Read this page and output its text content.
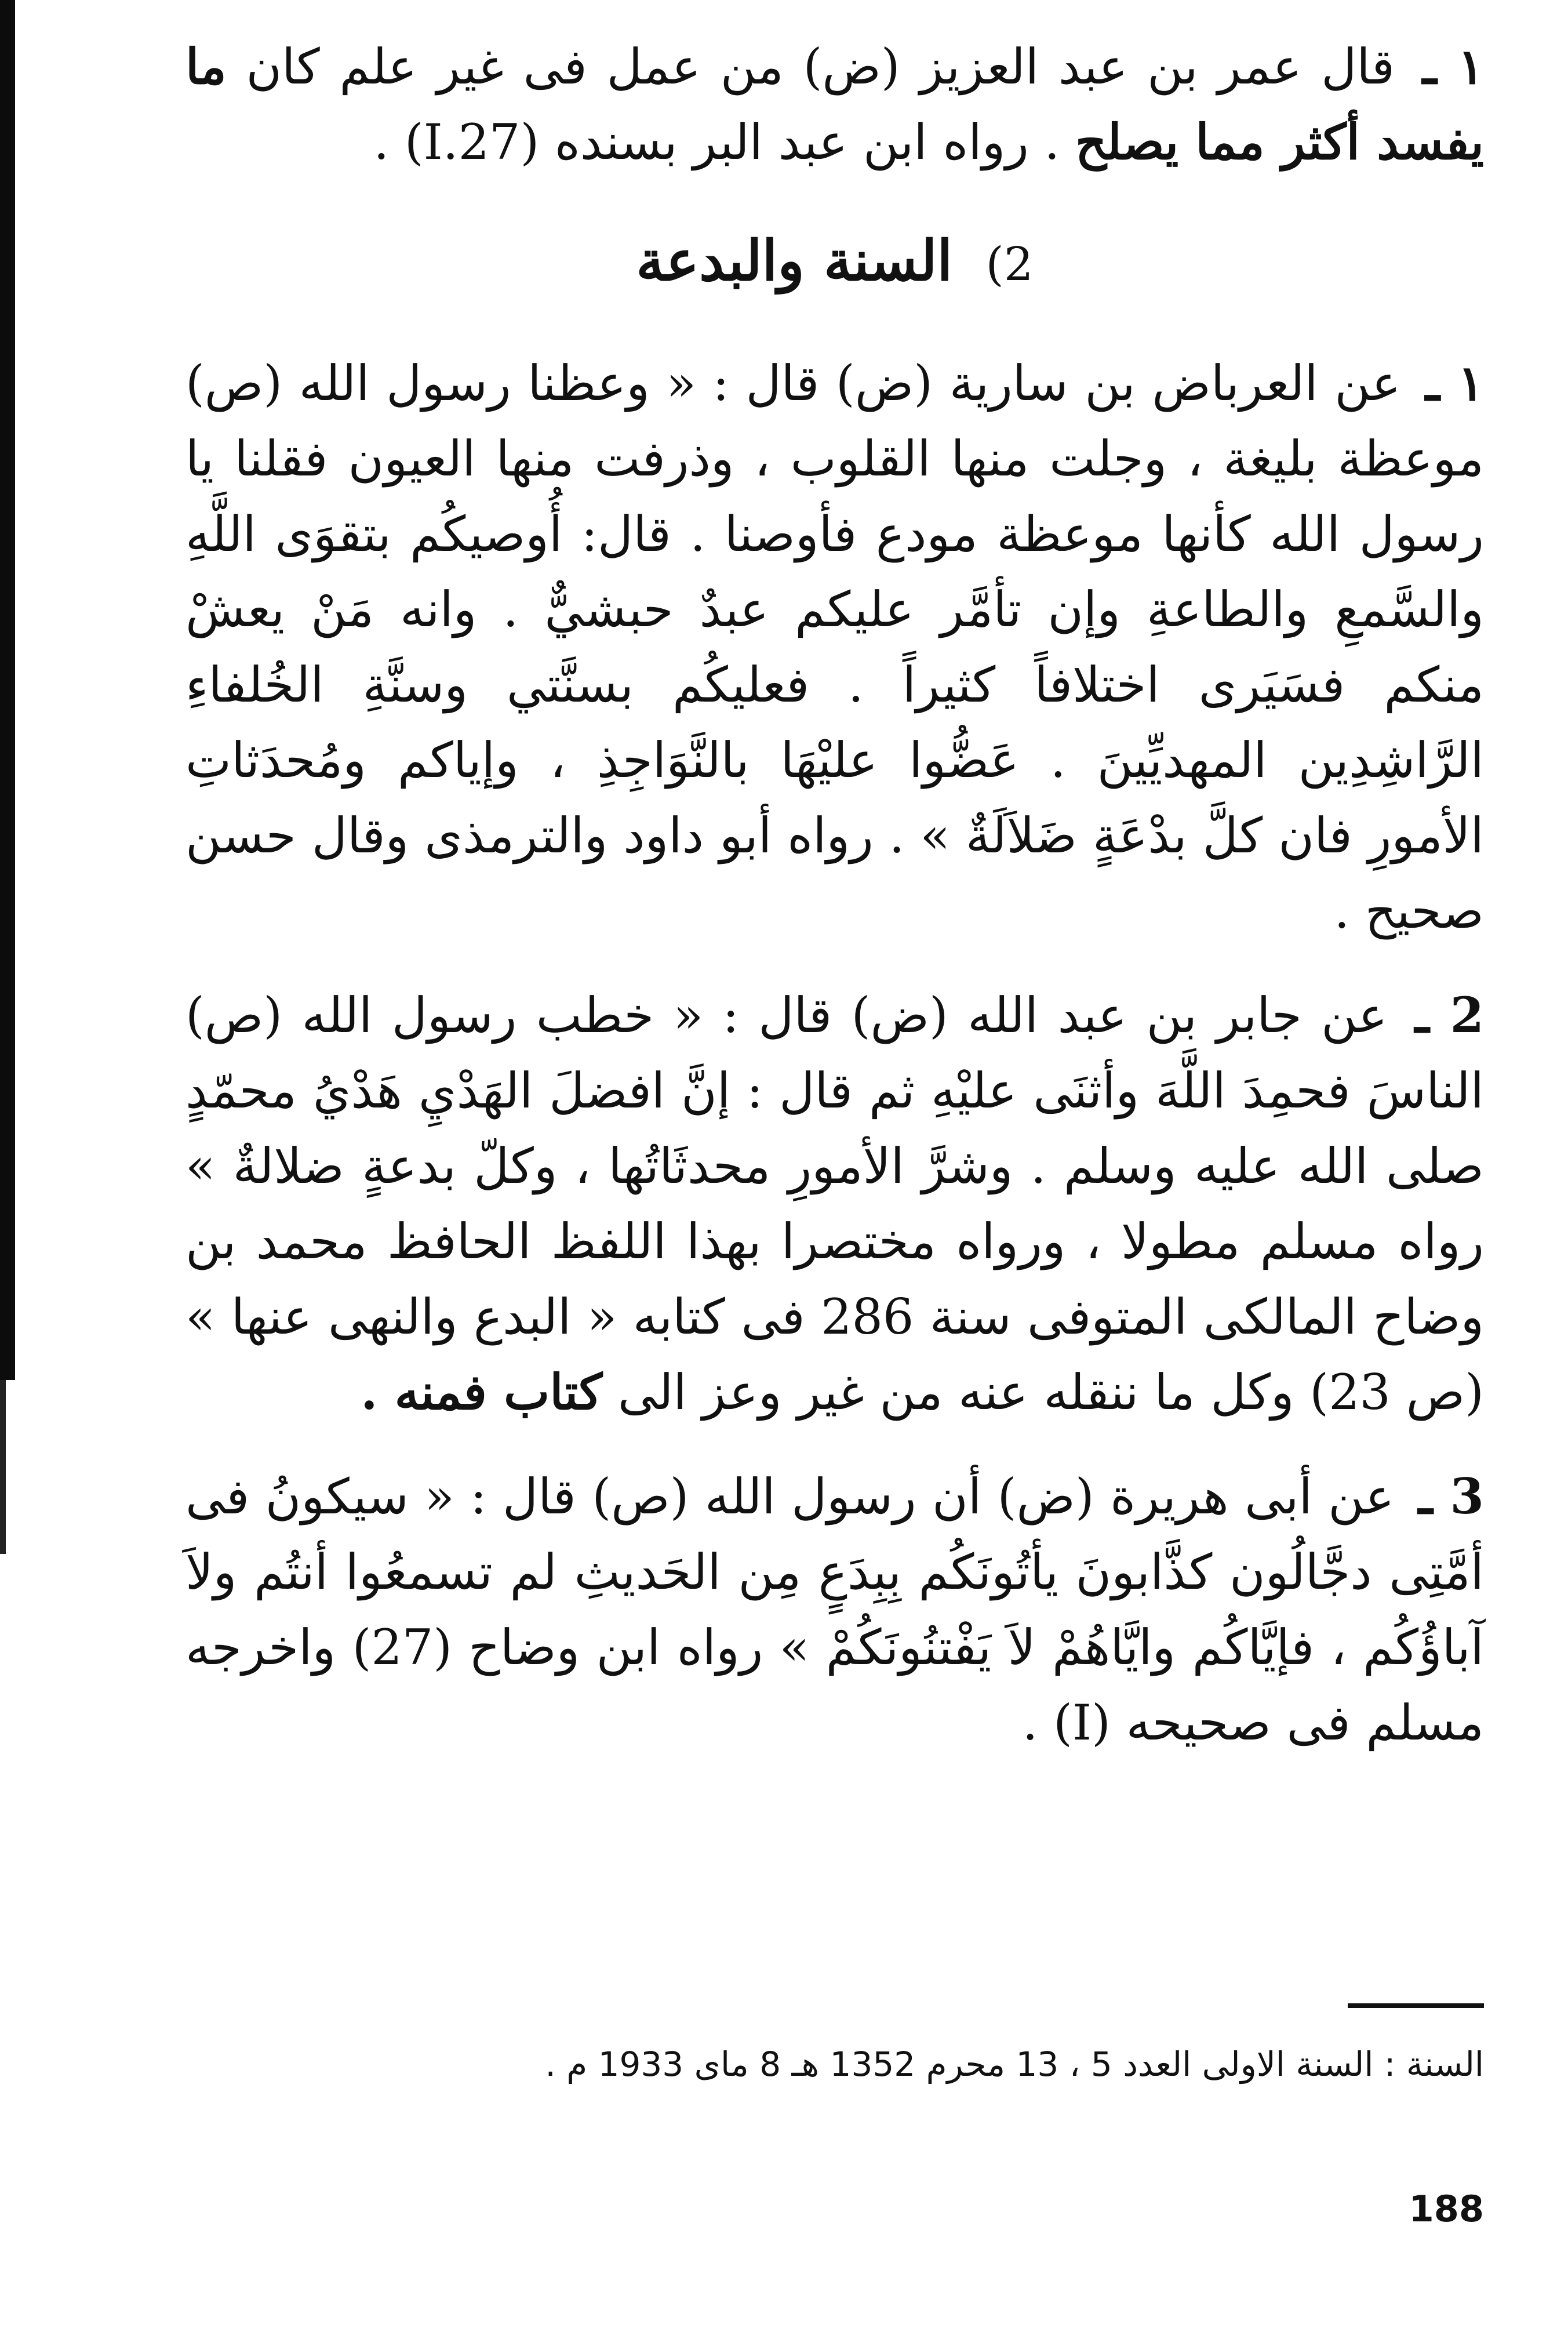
١ ـ قال عمر بن عبد العزيز (ض) من عمل فى غير علم كان ما يفسد أكثر مما يصلح . رواه ابن عبد البر بسنده (27.I) .

2) السنة والبدعة

١ ـ عن العرباض بن سارية (ض) قال : « وعظنا رسول الله (ص) موعظة بليغة ، وجلت منها القلوب ، وذرفت منها العيون فقلنا يا رسول الله كأنها موعظة مودع فأوصنا . قال: أُوصيكُم بتقوَى اللَّهِ والسَّمعِ والطاعةِ وإن تأمَّر عليكم عبدٌ حبشيٌّ . وانه مَنْ يعشْ منكم فسَيَرى اختلافاً كثيراً . فعليكُم بسنَّتي وسنَّةِ الخُلفاءِ الرَّاشِدِين المهديِّينَ . عَضُّوا عليْهَا بالنَّوَاجِذِ ، وإياكم ومُحدَثاتِ الأمورِ فان كلَّ بدْعَةٍ ضَلاَلَةٌ » . رواه أبو داود والترمذى وقال حسن صحيح .

2 ـ عن جابر بن عبد الله (ض) قال : « خطب رسول الله (ص) الناسَ فحمِدَ اللَّهَ وأثنَى عليْهِ ثم قال : إنَّ افضلَ الهَدْيِ هَدْيُ محمّدٍ صلى الله عليه وسلم . وشرَّ الأمورِ محدثَاتُها ، وكلّ بدعةٍ ضلالةٌ » رواه مسلم مطولا ، ورواه مختصرا بهذا اللفظ الحافظ محمد بن وضاح المالكى المتوفى سنة 286 فى كتابه « البدع والنهى عنها » (ص 23) وكل ما ننقله عنه من غير وعز الى كتاب فمنه .

3 ـ عن أبى هريرة (ض) أن رسول الله (ص) قال : « سيكونُ فى أمَّتِى دجَّالُون كذَّابونَ يأتُونَكُم بِبِدَعٍ مِن الحَديثِ لم تسمعُوا أنتُم ولاَ آباؤُكُم ، فإيَّاكُم وايَّاهُمْ لاَ يَفْتنُونَكُمْ » رواه ابن وضاح (27) واخرجه مسلم فى صحيحه (I) .

السنة : السنة الاولى العدد 5 ، 13 محرم 1352 هـ 8 ماى 1933 م .
188
